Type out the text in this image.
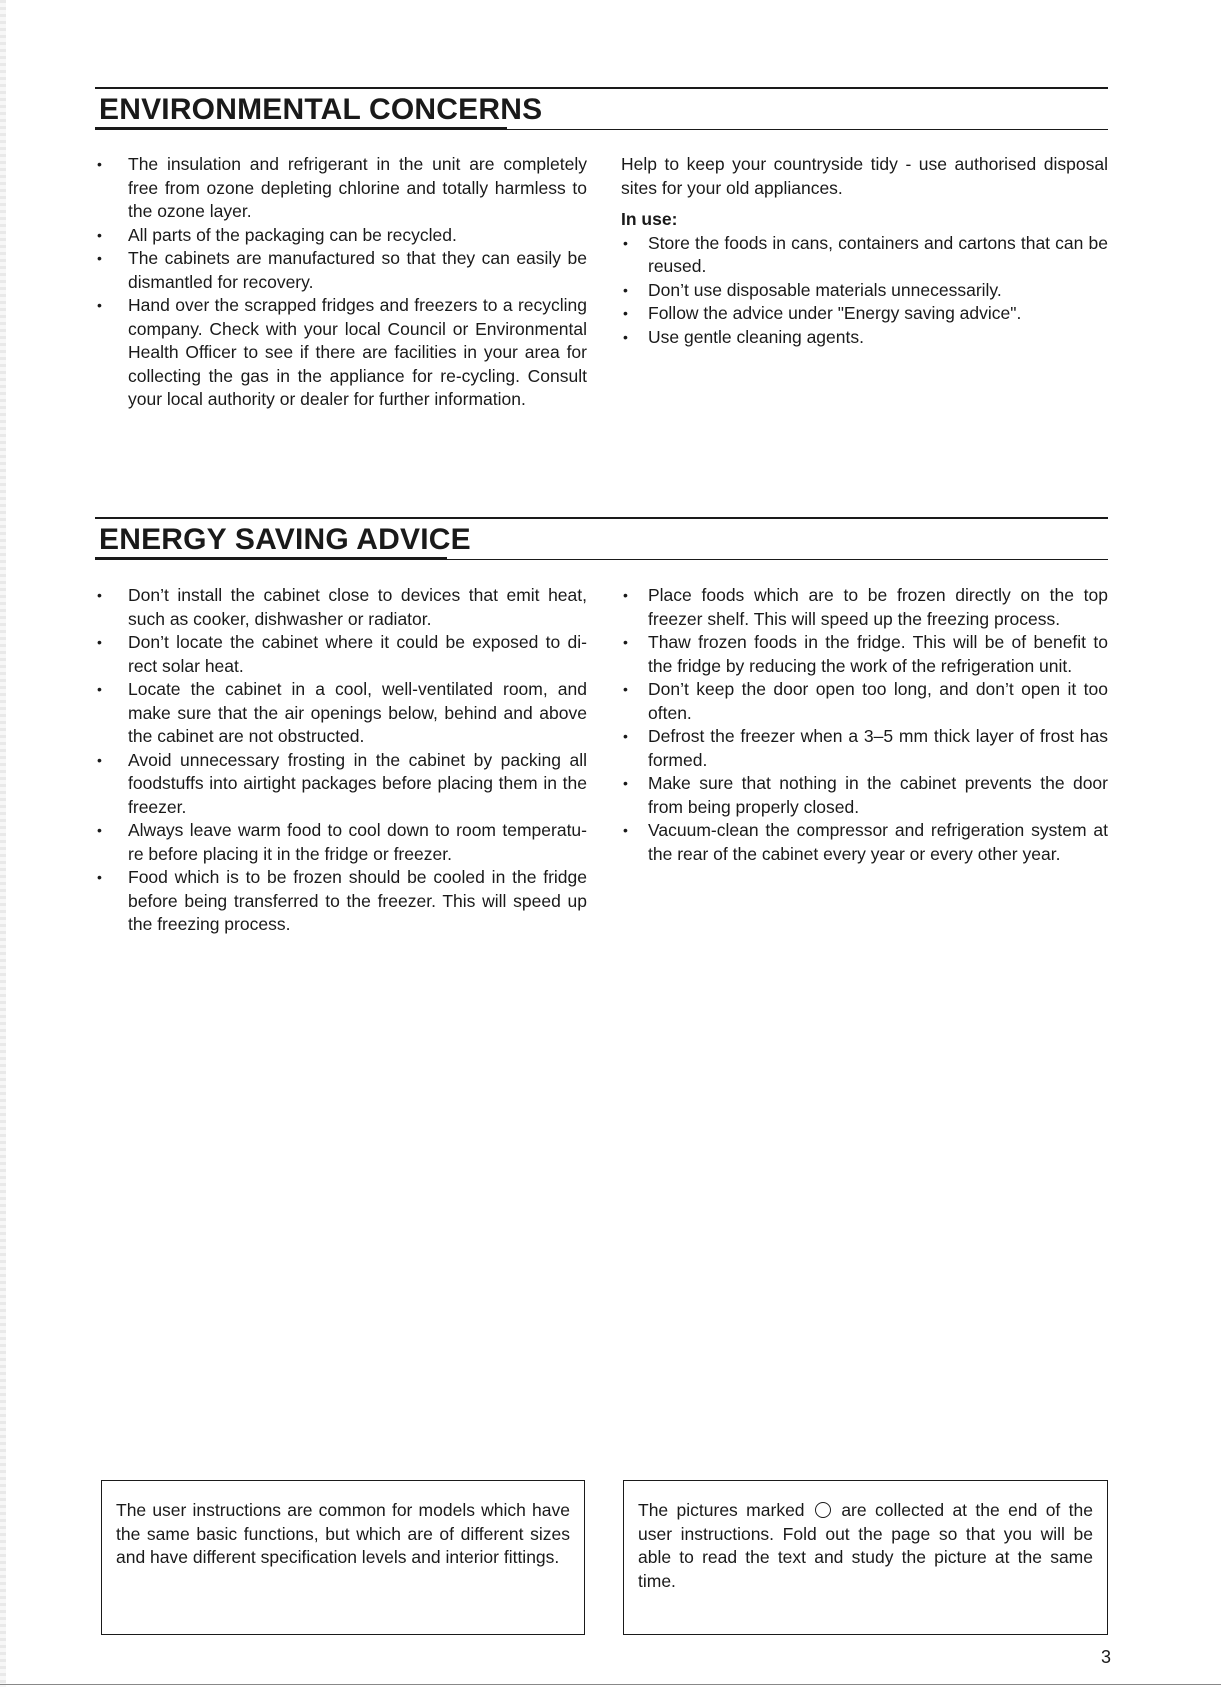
ENVIRONMENTAL CONCERNS
• The insulation and refrigerant in the unit are completely free from ozone depleting chlorine and totally harmless to the ozone layer.
• All parts of the packaging can be recycled.
• The cabinets are manufactured so that they can easily be dismantled for recovery.
• Hand over the scrapped fridges and freezers to a recycling company. Check with your local Council or Environmental Health Officer to see if there are facilities in your area for collecting the gas in the appliance for re-cycling. Consult your local authority or dealer for further information.

Help to keep your countryside tidy - use authorised disposal sites for your old appliances.

In use:

• Store the foods in cans, containers and cartons that can be reused.
• Don’t use disposable materials unnecessarily.
• Follow the advice under "Energy saving advice".
• Use gentle cleaning agents.
ENERGY SAVING ADVICE
• Don’t install the cabinet close to devices that emit heat, such as cooker, dishwasher or radiator.
• Don’t locate the cabinet where it could be exposed to di-rect solar heat.
• Locate the cabinet in a cool, well-ventilated room, and make sure that the air openings below, behind and above the cabinet are not obstructed.
• Avoid unnecessary frosting in the cabinet by packing all foodstuffs into airtight packages before placing them in the freezer.
• Always leave warm food to cool down to room temperatu-re before placing it in the fridge or freezer.
• Food which is to be frozen should be cooled in the fridge before being transferred to the freezer. This will speed up the freezing process.
• Place foods which are to be frozen directly on the top freezer shelf. This will speed up the freezing process.
• Thaw frozen foods in the fridge. This will be of benefit to the fridge by reducing the work of the refrigeration unit.
• Don’t keep the door open too long, and don’t open it too often.
• Defrost the freezer when a 3–5 mm thick layer of frost has formed.
• Make sure that nothing in the cabinet prevents the door from being properly closed.
• Vacuum-clean the compressor and refrigeration system at the rear of the cabinet every year or every other year.
The user instructions are common for models which have the same basic functions, but which are of different sizes and have different specification levels and interior fittings.
The pictures marked are collected at the end of the user instructions. Fold out the page so that you will be able to read the text and study the picture at the same time.
3
